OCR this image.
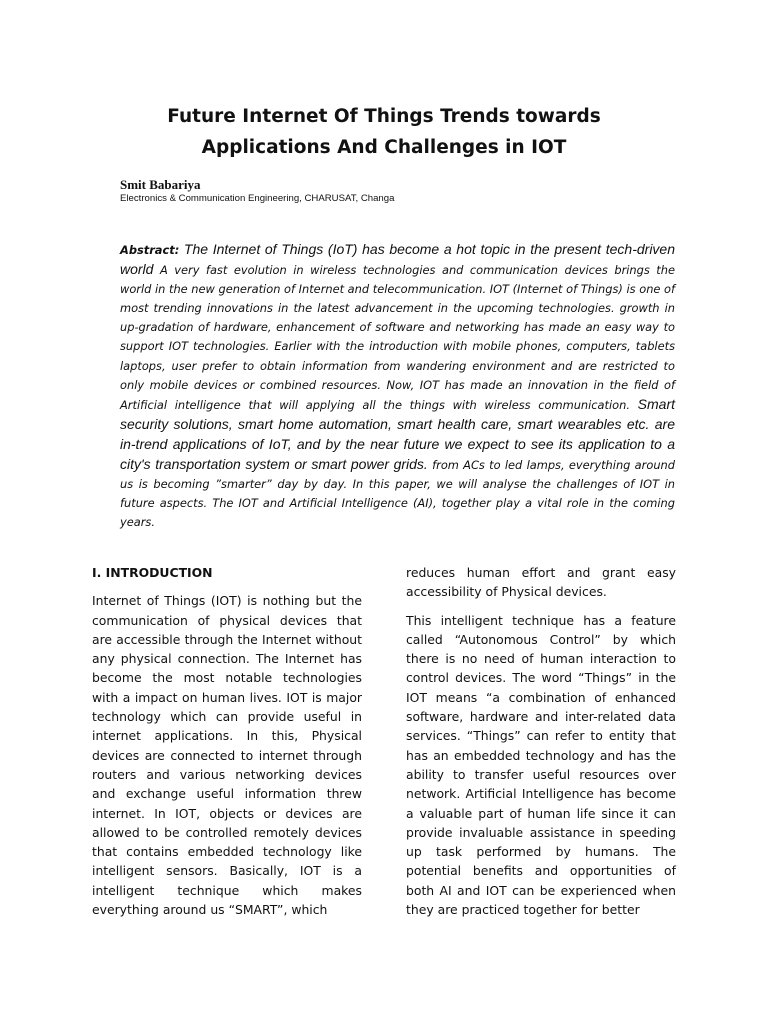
Future Internet Of Things Trends towards
Applications And Challenges in IOT

Smit Babariya

Electronics & Communication Engineering, CHARUSAT, Changa

Abstract: The Internet of Things (IoT) has become a hot topic in the present tech-driven world A very fast evolution in wireless technologies and communication devices brings the world in the new generation of Internet and telecommunication. IOT (Internet of Things) is one of most trending innovations in the latest advancement in the upcoming technologies. growth in up-gradation of hardware, enhancement of software and networking has made an easy way to support IOT technologies. Earlier with the introduction with mobile phones, computers, tablets laptops, user prefer to obtain information from wandering environment and are restricted to only mobile devices or combined resources. Now, IOT has made an innovation in the field of Artificial intelligence that will applying all the things with wireless communication. Smart security solutions, smart home automation, smart health care, smart wearables etc. are in-trend applications of IoT, and by the near future we expect to see its application to a city's transportation system or smart power grids. from ACs to led lamps, everything around us is becoming ”smarter” day by day. In this paper, we will analyse the challenges of IOT in future aspects. The IOT and Artificial Intelligence (AI), together play a vital role in the coming years.

I. INTRODUCTION

Internet of Things (IOT) is nothing but the communication of physical devices that are accessible through the Internet without any physical connection. The Internet has become the most notable technologies with a impact on human lives. IOT is major technology which can provide useful in internet applications. In this, Physical devices are connected to internet through routers and various networking devices and exchange useful information threw internet. In IOT, objects or devices are allowed to be controlled remotely devices that contains embedded technology like intelligent sensors. Basically, IOT is a intelligent technique which makes everything around us “SMART”, which

reduces human effort and grant easy accessibility of Physical devices.

This intelligent technique has a feature called “Autonomous Control” by which there is no need of human interaction to control devices. The word “Things” in the IOT means “a combination of enhanced software, hardware and inter-related data services. “Things” can refer to entity that has an embedded technology and has the ability to transfer useful resources over network. Artificial Intelligence has become a valuable part of human life since it can provide invaluable assistance in speeding up task performed by humans. The potential benefits and opportunities of both AI and IOT can be experienced when they are practiced together for better
